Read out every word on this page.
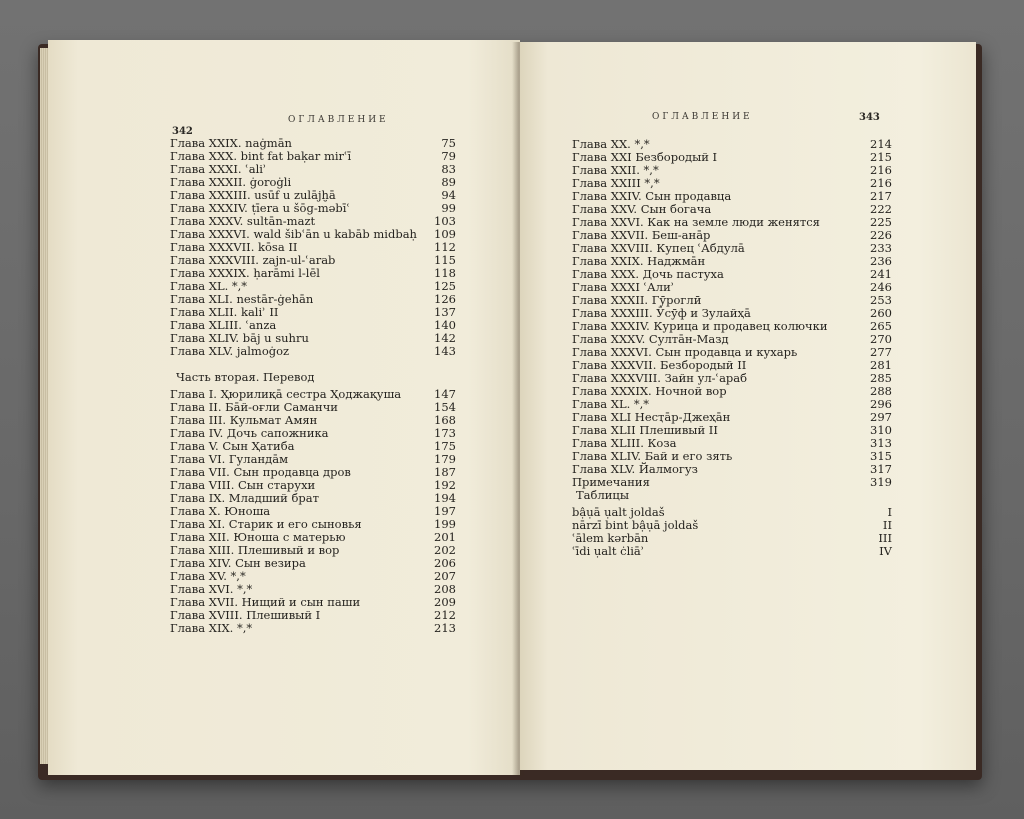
342
ОГЛАВЛЕНИЕ
Глава XXIX. naġmān	75
Глава XXX. bint fat baḳar mirʿī	79
Глава XXXI. ʿaliʾ	83
Глава XXXII. ġoroġli	89
Глава XXXIII. usūf u zulājḫā	94
Глава XXXIV. ṭīera u šōg-məbīʿ	99
Глава XXXV. sultān-mazt	103
Глава XXXVI. wald šibʿān u kabāb midbaḥ 109
Глава XXXVII. kōsa II	112
Глава XXXVIII. zajn-ul-ʿarab	115
Глава XXXIX. ḥarāmi l-lēl	118
Глава XL. *,*	125
Глава XLI. nestār-ġehān	126
Глава XLII. kaliʾ II	137
Глава XLIII. ʿanza	140
Глава XLIV. bāj u suhru	142
Глава XLV. jalmoġoz	143
Часть вторая. Перевод
Глава I. Ҳюрилиқā сестра Ҳоджақуша	147
Глава II. Бāй-оғли Саманчи	154
Глава III. Кульмат Амян	168
Глава IV. Дочь сапожника	173
Глава V. Сын Ҳатиба	175
Глава VI. Гуландāм	179
Глава VII. Сын продавца дров	187
Глава VIII. Сын старухи	192
Глава IX. Младший брат	194
Глава X. Юноша	197
Глава XI. Старик и его сыновья	199
Глава XII. Юноша с матерью	201
Глава XIII. Плешивый и вор	202
Глава XIV. Сын везира	206
Глава XV. *,*	207
Глава XVI. *,*	208
Глава XVII. Нищий и сын паши	209
Глава XVIII. Плешивый I	212
Глава XIX. *,*	213
ОГЛАВЛЕНИЕ	343
Глава XX. *,*	214
Глава XXI Безбородый I	215
Глава XXII. *,*	216
Глава XXIII *,*	216
Глава XXIV. Сын продавца	217
Глава XXV. Сын богача	222
Глава XXVI. Как на земле люди женятся	225
Глава XXVII. Беш-анāр	226
Глава XXVIII. Купец ʿАбдулā	233
Глава XXIX. Наджмāн	236
Глава XXX. Дочь пастуха	241
Глава XXXI ʿАлиʾ	246
Глава XXXII. Гӯроглӣ	253
Глава XXXIII. Ӯсӯф и Зулайҳā	260
Глава XXXIV. Курица и продавец колючки	265
Глава XXXV. Султāн-Мазд	270
Глава XXXVI. Сын продавца и кухарь	277
Глава XXXVII. Безбородый II	281
Глава XXXVIII. Зайн ул-ʿараб	285
Глава XXXIX. Ночной вор	288
Глава XL. *,*	296
Глава XLI Несҭāр-Джеҳāн	297
Глава XLII Плешивый II	310
Глава XLIII. Коза	313
Глава XLIV. Бай и его зять	315
Глава XLV. Йалмогуз	317
Примечания	319
Таблицы
bậụā ụalt joldaš	I
nārzī bint bậụā joldaš	II
ʿālem kərbān	III
ʿīdi ụalt ċliāʾ	IV
